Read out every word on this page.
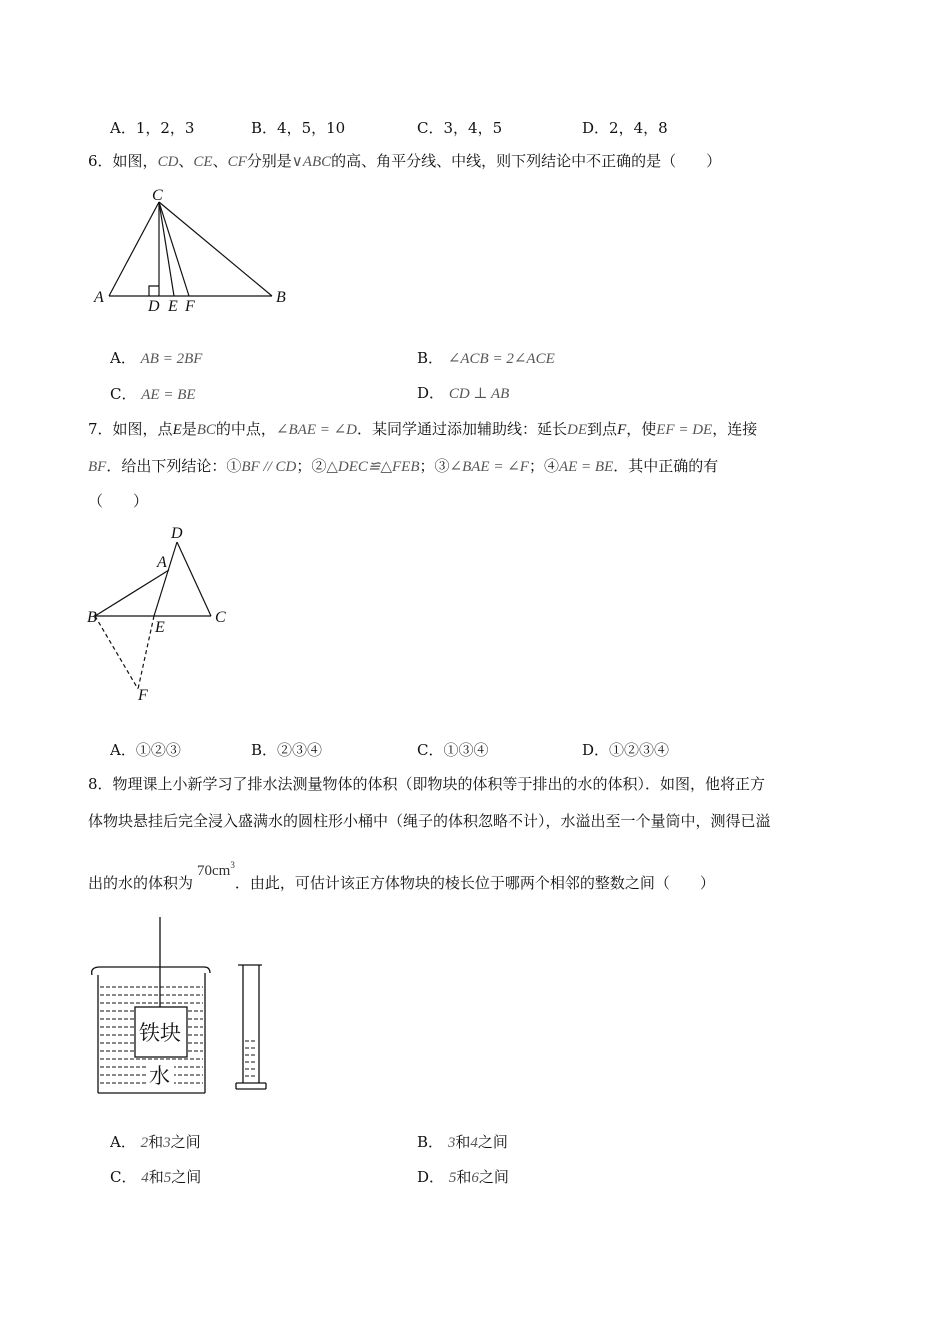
A．1，2，3	B．4，5，10	C．3，4，5	D．2，4，8
6．如图，CD、CE、CF分别是∨ABC的高、角平分线、中线，则下列结论中不正确的是（　　）
C
A	B
D E F
A． AB = 2BF	B． ∠ACB = 2∠ACE
C． AE = BE	D． CD ⊥ AB
7．如图，点E是BC的中点，∠BAE = ∠D．某同学通过添加辅助线：延长DE到点F，使EF = DE，连接
BF．给出下列结论：①BF // CD；②△DEC≌△FEB；③∠BAE = ∠F；④AE = BE．其中正确的有
（　　）
D
A
B
E
C
F
A．①②③	B．②③④	C．①③④	D．①②③④
8．物理课上小新学习了排水法测量物体的体积（即物块的体积等于排出的水的体积）．如图，他将正方
体物块悬挂后完全浸入盛满水的圆柱形小桶中（绳子的体积忽略不计），水溢出至一个量筒中，测得已溢
出的水的体积为$70cm^3$．由此，可估计该正方体物块的棱长位于哪两个相邻的整数之间（　　）
铁块
水
A． 2和3之间	B． 3和4之间
C． 4和5之间	D． 5和6之间
